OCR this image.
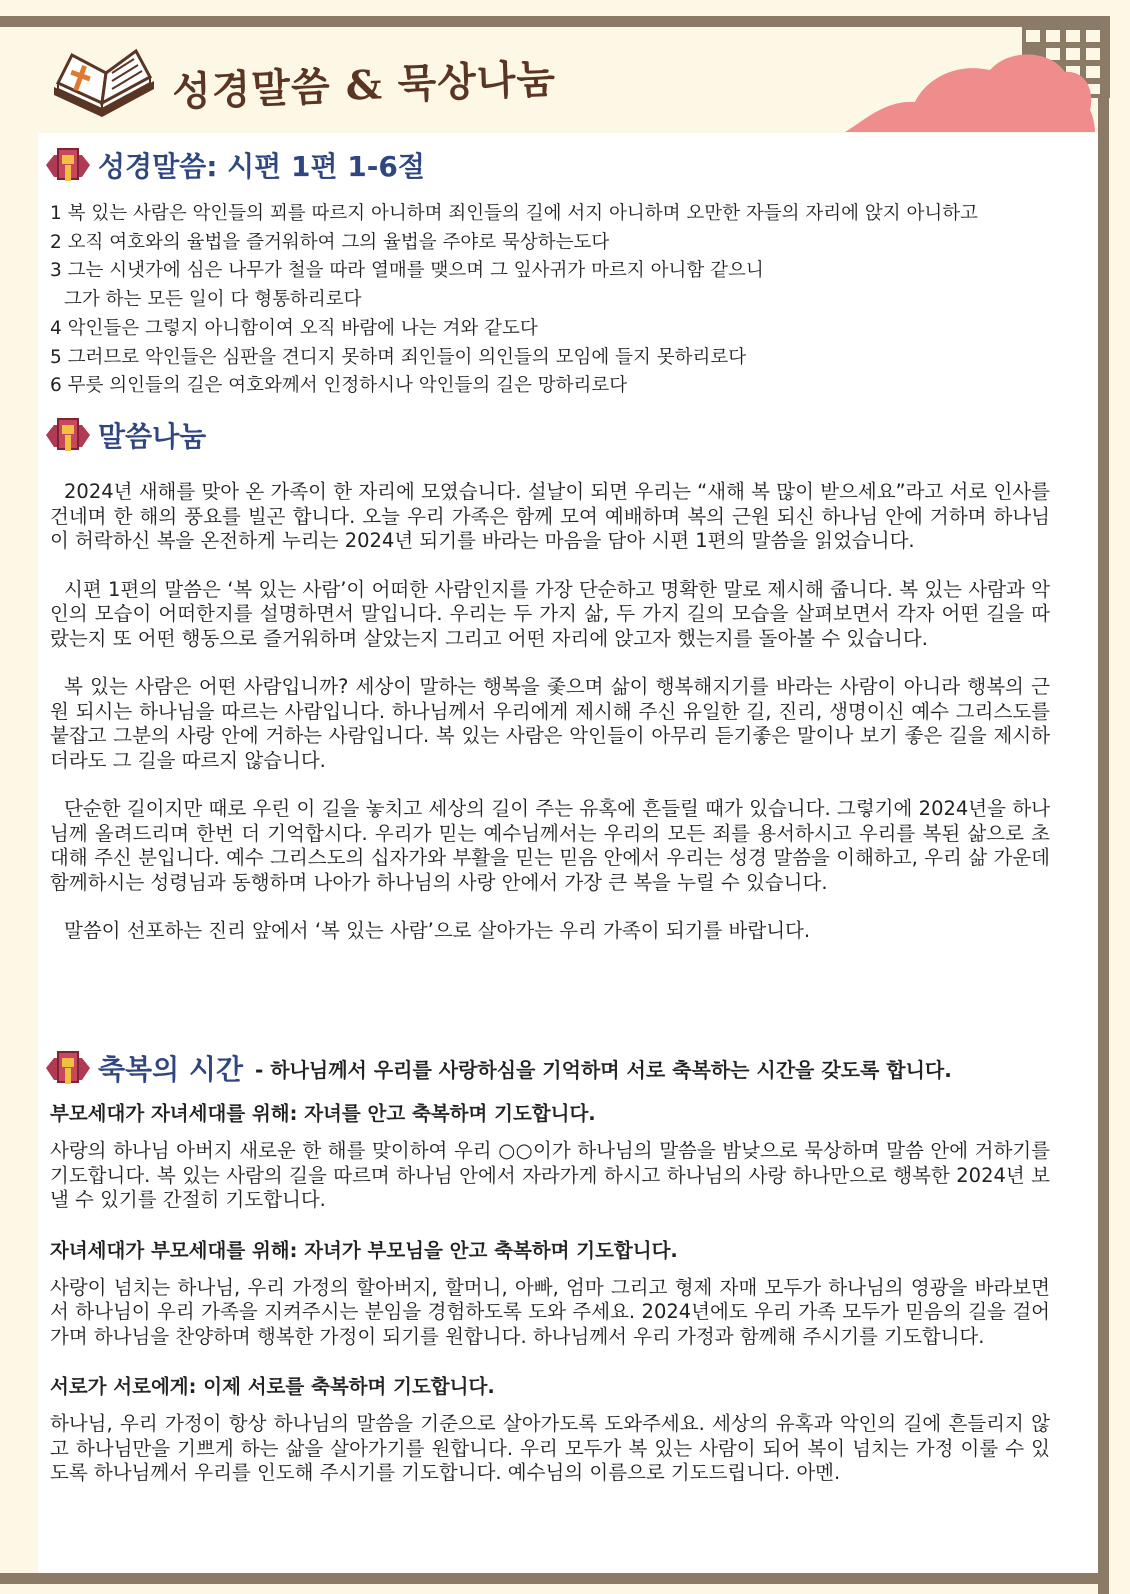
성경말씀 & 묵상나눔
성경말씀: 시편 1편 1-6절
1 복 있는 사람은 악인들의 꾀를 따르지 아니하며 죄인들의 길에 서지 아니하며 오만한 자들의 자리에 앉지 아니하고
2 오직 여호와의 율법을 즐거워하여 그의 율법을 주야로 묵상하는도다
3 그는 시냇가에 심은 나무가 철을 따라 열매를 맺으며 그 잎사귀가 마르지 아니함 같으니
그가 하는 모든 일이 다 형통하리로다
4 악인들은 그렇지 아니함이여 오직 바람에 나는 겨와 같도다
5 그러므로 악인들은 심판을 견디지 못하며 죄인들이 의인들의 모임에 들지 못하리로다
6 무릇 의인들의 길은 여호와께서 인정하시나 악인들의 길은 망하리로다
말씀나눔

2024년 새해를 맞아 온 가족이 한 자리에 모였습니다. 설날이 되면 우리는 “새해 복 많이 받으세요”라고 서로 인사를 건네며 한 해의 풍요를 빌곤 합니다. 오늘 우리 가족은 함께 모여 예배하며 복의 근원 되신 하나님 안에 거하며 하나님이 허락하신 복을 온전하게 누리는 2024년 되기를 바라는 마음을 담아 시편 1편의 말씀을 읽었습니다.

시편 1편의 말씀은 ‘복 있는 사람’이 어떠한 사람인지를 가장 단순하고 명확한 말로 제시해 줍니다. 복 있는 사람과 악인의 모습이 어떠한지를 설명하면서 말입니다. 우리는 두 가지 삶, 두 가지 길의 모습을 살펴보면서 각자 어떤 길을 따랐는지 또 어떤 행동으로 즐거워하며 살았는지 그리고 어떤 자리에 앉고자 했는지를 돌아볼 수 있습니다.

복 있는 사람은 어떤 사람입니까? 세상이 말하는 행복을 좇으며 삶이 행복해지기를 바라는 사람이 아니라 행복의 근원 되시는 하나님을 따르는 사람입니다. 하나님께서 우리에게 제시해 주신 유일한 길, 진리, 생명이신 예수 그리스도를 붙잡고 그분의 사랑 안에 거하는 사람입니다. 복 있는 사람은 악인들이 아무리 듣기좋은 말이나 보기 좋은 길을 제시하더라도 그 길을 따르지 않습니다.

단순한 길이지만 때로 우린 이 길을 놓치고 세상의 길이 주는 유혹에 흔들릴 때가 있습니다. 그렇기에 2024년을 하나님께 올려드리며 한번 더 기억합시다. 우리가 믿는 예수님께서는 우리의 모든 죄를 용서하시고 우리를 복된 삶으로 초대해 주신 분입니다. 예수 그리스도의 십자가와 부활을 믿는 믿음 안에서 우리는 성경 말씀을 이해하고, 우리 삶 가운데 함께하시는 성령님과 동행하며 나아가 하나님의 사랑 안에서 가장 큰 복을 누릴 수 있습니다.

말씀이 선포하는 진리 앞에서 ‘복 있는 사람’으로 살아가는 우리 가족이 되기를 바랍니다.

축복의 시간 - 하나님께서 우리를 사랑하심을 기억하며 서로 축복하는 시간을 갖도록 합니다.

부모세대가 자녀세대를 위해: 자녀를 안고 축복하며 기도합니다.

사랑의 하나님 아버지 새로운 한 해를 맞이하여 우리 ○○이가 하나님의 말씀을 밤낮으로 묵상하며 말씀 안에 거하기를 기도합니다. 복 있는 사람의 길을 따르며 하나님 안에서 자라가게 하시고 하나님의 사랑 하나만으로 행복한 2024년 보낼 수 있기를 간절히 기도합니다.

자녀세대가 부모세대를 위해: 자녀가 부모님을 안고 축복하며 기도합니다.

사랑이 넘치는 하나님, 우리 가정의 할아버지, 할머니, 아빠, 엄마 그리고 형제 자매 모두가 하나님의 영광을 바라보면서 하나님이 우리 가족을 지켜주시는 분임을 경험하도록 도와 주세요. 2024년에도 우리 가족 모두가 믿음의 길을 걸어가며 하나님을 찬양하며 행복한 가정이 되기를 원합니다. 하나님께서 우리 가정과 함께해 주시기를 기도합니다.

서로가 서로에게: 이제 서로를 축복하며 기도합니다.

하나님, 우리 가정이 항상 하나님의 말씀을 기준으로 살아가도록 도와주세요. 세상의 유혹과 악인의 길에 흔들리지 않고 하나님만을 기쁘게 하는 삶을 살아가기를 원합니다. 우리 모두가 복 있는 사람이 되어 복이 넘치는 가정 이룰 수 있도록 하나님께서 우리를 인도해 주시기를 기도합니다. 예수님의 이름으로 기도드립니다. 아멘.
